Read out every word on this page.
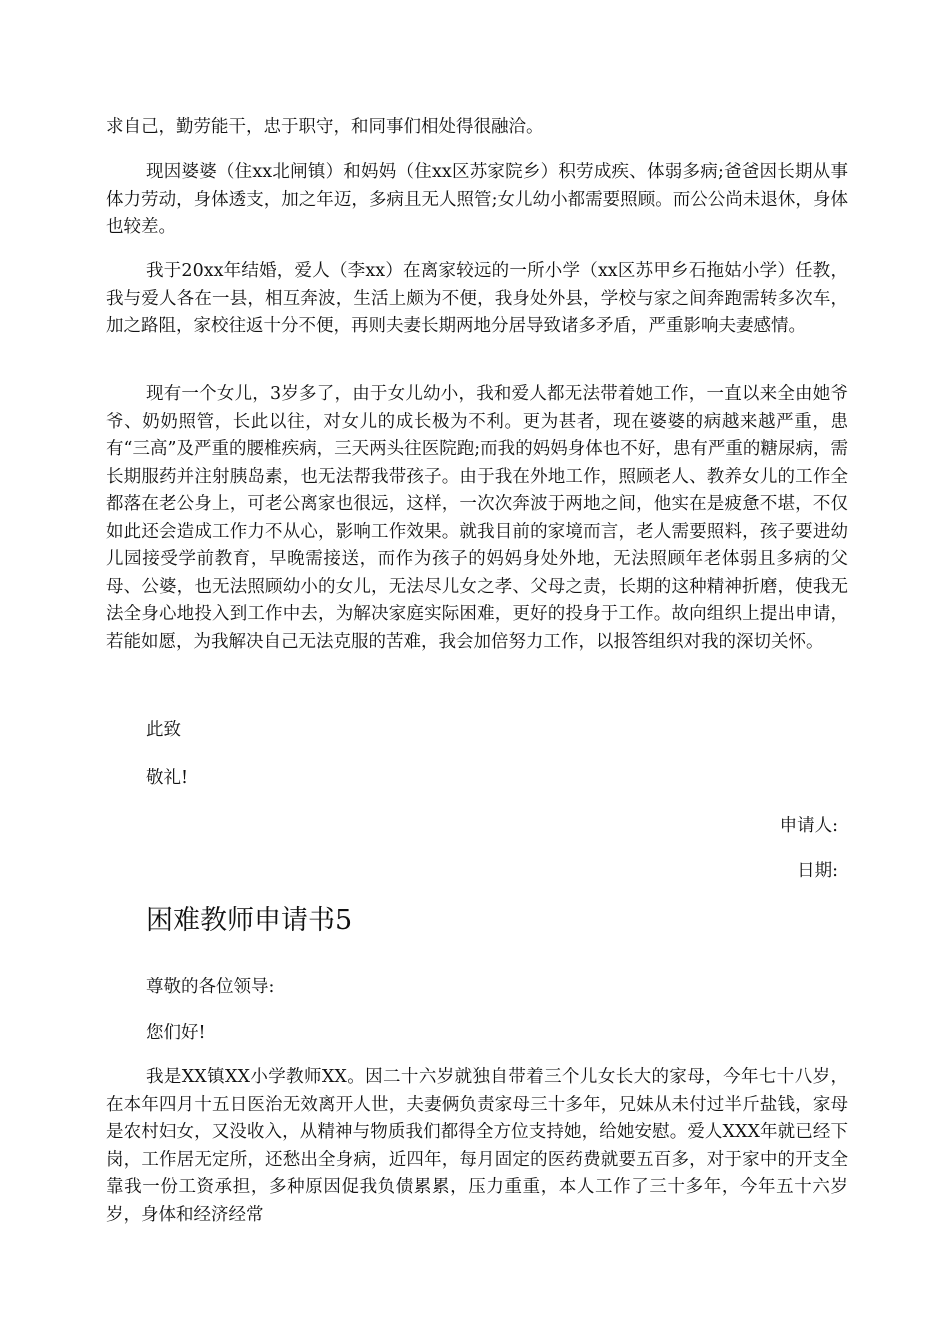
求自己，勤劳能干，忠于职守，和同事们相处得很融洽。

现因婆婆（住xx北闸镇）和妈妈（住xx区苏家院乡）积劳成疾、体弱多病;爸爸因长期从事体力劳动，身体透支，加之年迈，多病且无人照管;女儿幼小都需要照顾。而公公尚未退休，身体也较差。

我于20xx年结婚，爱人（李xx）在离家较远的一所小学（xx区苏甲乡石拖姑小学）任教，我与爱人各在一县，相互奔波，生活上颇为不便，我身处外县，学校与家之间奔跑需转多次车，加之路阻，家校往返十分不便，再则夫妻长期两地分居导致诸多矛盾，严重影响夫妻感情。

现有一个女儿，3岁多了，由于女儿幼小，我和爱人都无法带着她工作，一直以来全由她爷爷、奶奶照管，长此以往，对女儿的成长极为不利。更为甚者，现在婆婆的病越来越严重，患有“三高”及严重的腰椎疾病，三天两头往医院跑;而我的妈妈身体也不好，患有严重的糖尿病，需长期服药并注射胰岛素，也无法帮我带孩子。由于我在外地工作，照顾老人、教养女儿的工作全都落在老公身上，可老公离家也很远，这样，一次次奔波于两地之间，他实在是疲惫不堪，不仅如此还会造成工作力不从心，影响工作效果。就我目前的家境而言，老人需要照料，孩子要进幼儿园接受学前教育，早晚需接送，而作为孩子的妈妈身处外地，无法照顾年老体弱且多病的父母、公婆，也无法照顾幼小的女儿，无法尽儿女之孝、父母之责，长期的这种精神折磨，使我无法全身心地投入到工作中去，为解决家庭实际困难，更好的投身于工作。故向组织上提出申请，若能如愿，为我解决自己无法克服的苦难，我会加倍努力工作，以报答组织对我的深切关怀。

此致

敬礼!

申请人:

日期:

困难教师申请书5

尊敬的各位领导:

您们好!

我是XX镇XX小学教师XX。因二十六岁就独自带着三个儿女长大的家母，今年七十八岁，在本年四月十五日医治无效离开人世，夫妻俩负责家母三十多年，兄妹从未付过半斤盐钱，家母是农村妇女，又没收入，从精神与物质我们都得全方位支持她，给她安慰。爱人XXX年就已经下岗，工作居无定所，还愁出全身病，近四年，每月固定的医药费就要五百多，对于家中的开支全靠我一份工资承担，多种原因促我负债累累，压力重重，本人工作了三十多年，今年五十六岁岁，身体和经济经常
